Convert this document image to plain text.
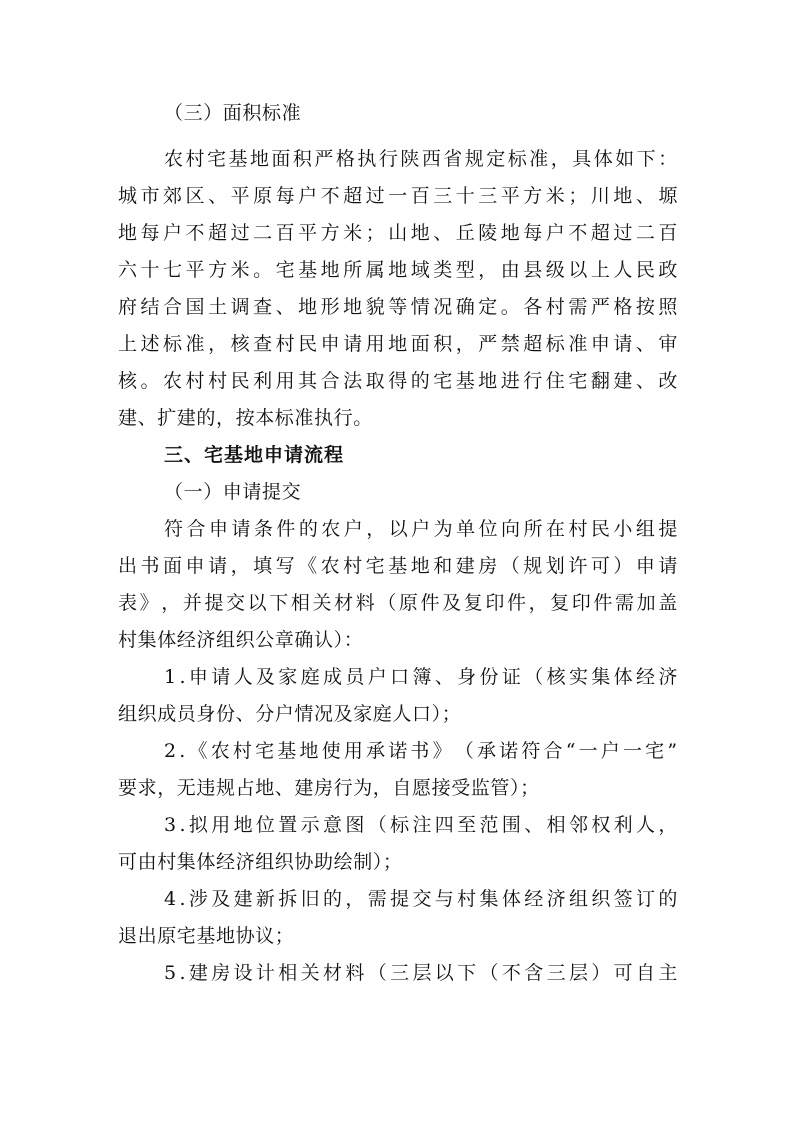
（三）面积标准
农 村 宅 基 地 面 积 严 格 执 行 陕 西 省 规 定 标 准 ， 具 体 如 下 ：
城 市 郊 区 、 平 原 每 户 不 超 过 一 百 三 十 三 平 方 米 ； 川 地 、 塬
地 每 户 不 超 过 二 百 平 方 米 ； 山 地 、 丘 陵 地 每 户 不 超 过 二 百
六 十 七 平 方 米 。 宅 基 地 所 属 地 域 类 型 ， 由 县 级 以 上 人 民 政
府 结 合 国 土 调 查 、 地 形 地 貌 等 情 况 确 定 。 各 村 需 严 格 按 照
上 述 标 准 ， 核 查 村 民 申 请 用 地 面 积 ， 严 禁 超 标 准 申 请 、 审
核 。 农 村 村 民 利 用 其 合 法 取 得 的 宅 基 地 进 行 住 宅 翻 建 、 改
建、扩建的，按本标准执行。
三、宅基地申请流程
（一）申请提交
符 合 申 请 条 件 的 农 户 ， 以 户 为 单 位 向 所 在 村 民 小 组 提
出 书 面 申 请 ， 填 写 《 农 村 宅 基 地 和 建 房 （ 规 划 许 可 ） 申 请
表 》 ， 并 提 交 以 下 相 关 材 料 （ 原 件 及 复 印 件 ， 复 印 件 需 加 盖
村集体经济组织公章确认）：
1 . 申 请 人 及 家 庭 成 员 户 口 簿 、 身 份 证 （ 核 实 集 体 经 济
组织成员身份、分户情况及家庭人口）；
2 . 《 农 村 宅 基 地 使 用 承 诺 书 》 （ 承 诺 符 合 “ 一 户 一 宅 ”
要求，无违规占地、建房行为，自愿接受监管）；
3 . 拟 用 地 位 置 示 意 图 （ 标 注 四 至 范 围 、 相 邻 权 利 人 ，
可由村集体经济组织协助绘制）；
4 . 涉 及 建 新 拆 旧 的 ， 需 提 交 与 村 集 体 经 济 组 织 签 订 的
退出原宅基地协议；
5 . 建 房 设 计 相 关 材 料 （ 三 层 以 下 （ 不 含 三 层 ） 可 自 主
